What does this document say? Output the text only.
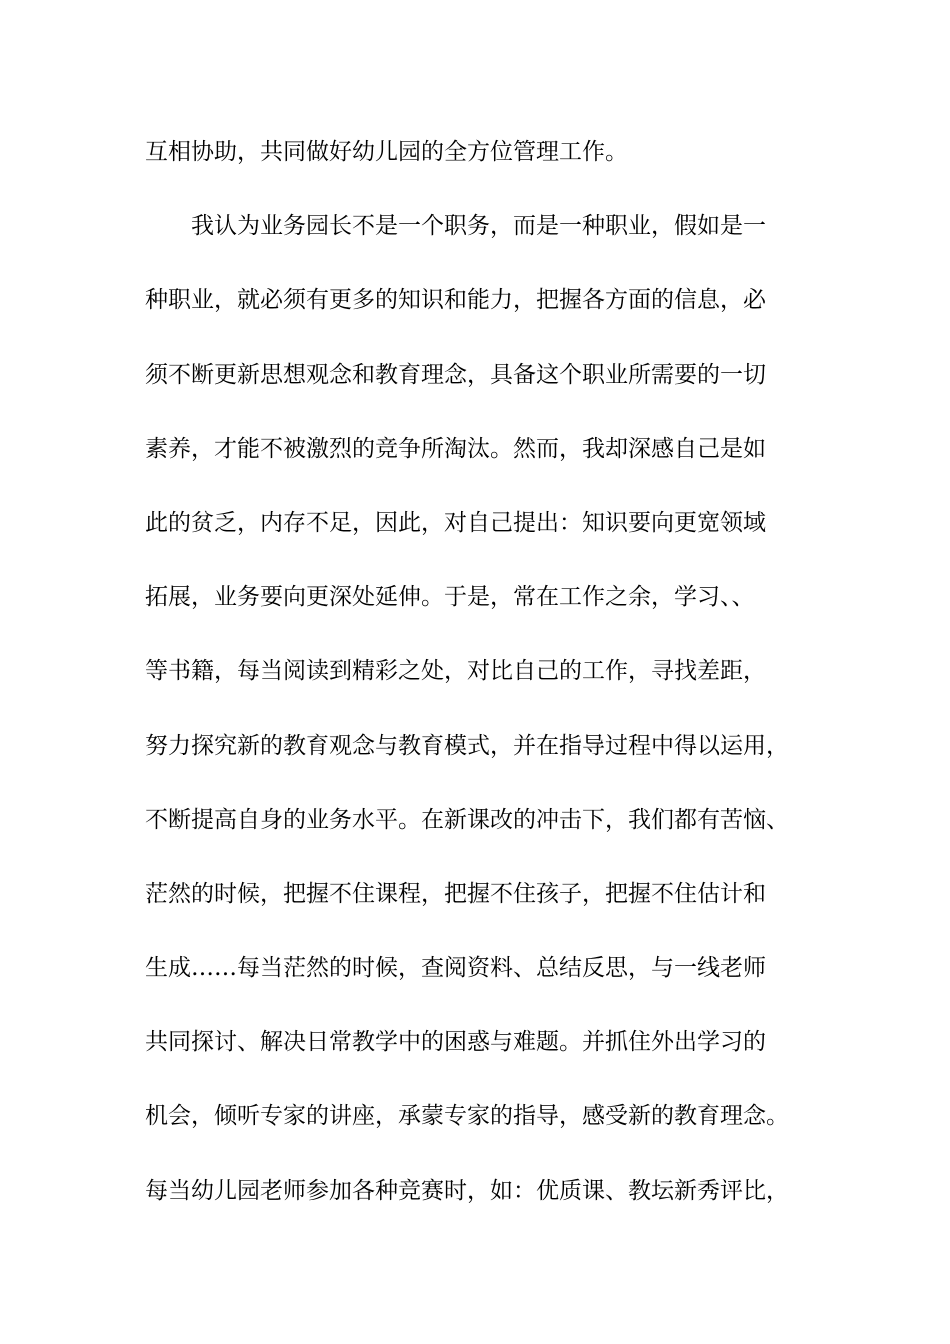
互相协助，共同做好幼儿园的全方位管理工作。
我认为业务园长不是一个职务，而是一种职业，假如是一
种职业，就必须有更多的知识和能力，把握各方面的信息，必
须不断更新思想观念和教育理念，具备这个职业所需要的一切
素养，才能不被激烈的竞争所淘汰。然而，我却深感自己是如
此的贫乏，内存不足，因此，对自己提出：知识要向更宽领域
拓展，业务要向更深处延伸。于是，常在工作之余，学习、、
等书籍，每当阅读到精彩之处，对比自己的工作，寻找差距，
努力探究新的教育观念与教育模式，并在指导过程中得以运用，
不断提高自身的业务水平。在新课改的冲击下，我们都有苦恼、
茫然的时候，把握不住课程，把握不住孩子，把握不住估计和
生成……每当茫然的时候，查阅资料、总结反思，与一线老师
共同探讨、解决日常教学中的困惑与难题。并抓住外出学习的
机会，倾听专家的讲座，承蒙专家的指导，感受新的教育理念。
每当幼儿园老师参加各种竞赛时，如：优质课、教坛新秀评比，
